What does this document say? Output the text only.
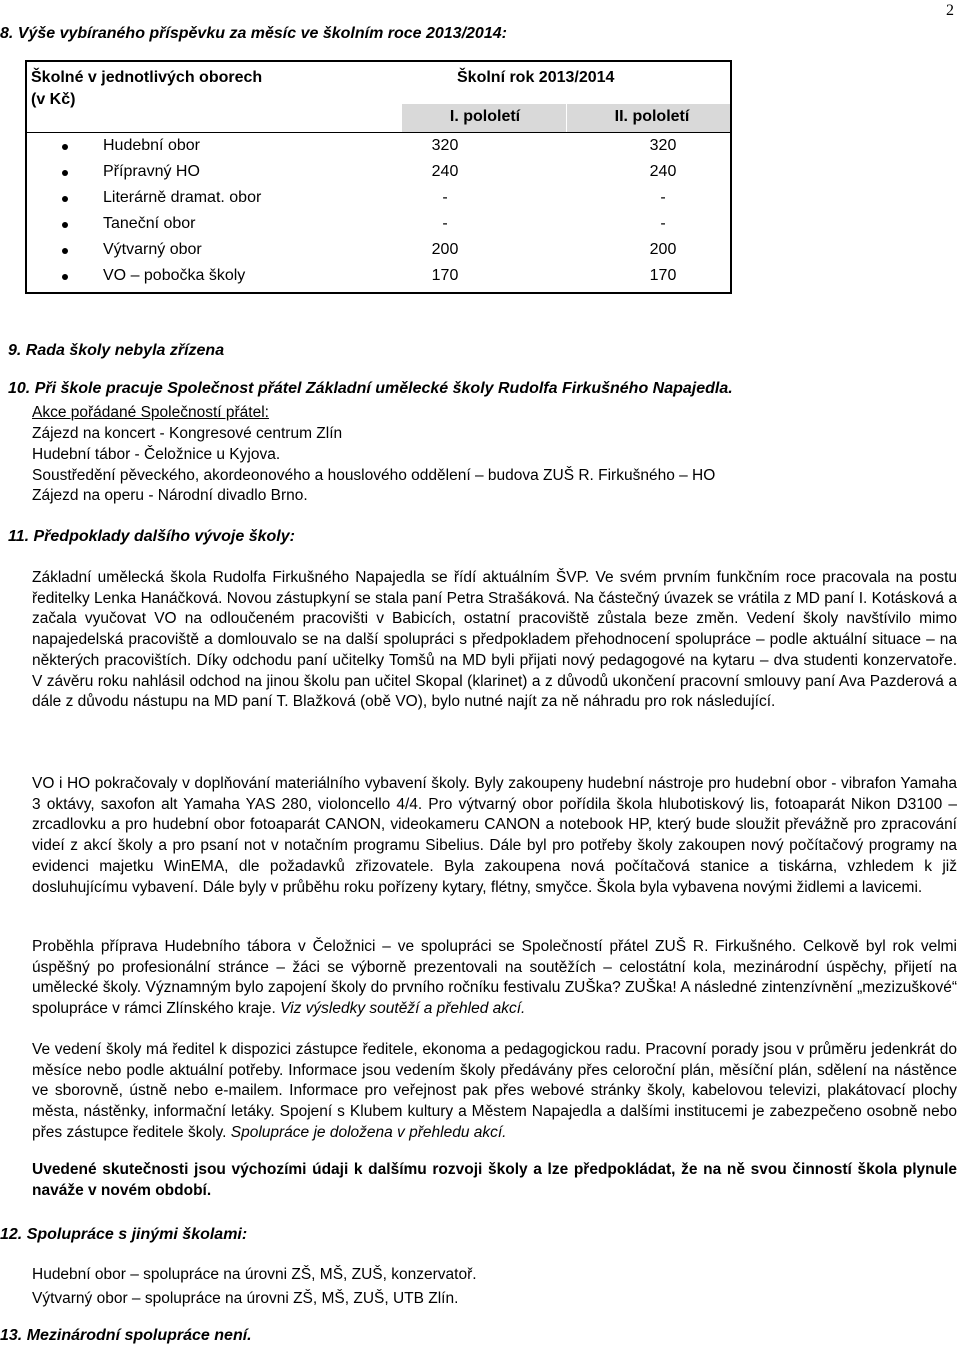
2
8. Výše vybíraného příspěvku za měsíc ve školním roce 2013/2014:
Školné v jednotlivých oborech
(v Kč)
Školní rok 2013/2014
I. pololetí	II. pololetí
Hudební obor	320	320
Přípravný HO	240	240
Literárně dramat. obor	-	-
Taneční obor	-	-
Výtvarný obor	200	200
VO – pobočka školy	170	170
9. Rada školy nebyla zřízena
10. Při škole pracuje Společnost přátel Základní umělecké školy Rudolfa Firkušného Napajedla.
Akce pořádané Společností přátel:
Zájezd na koncert - Kongresové centrum Zlín
Hudební tábor - Čeložnice u Kyjova.
Soustředění pěveckého, akordeonového a houslového oddělení – budova ZUŠ R. Firkušného – HO
Zájezd na operu - Národní divadlo Brno.
11. Předpoklady dalšího vývoje školy:
Základní umělecká škola Rudolfa Firkušného Napajedla se řídí aktuálním ŠVP. Ve svém prvním funkčním roce pracovala na postu ředitelky Lenka Hanáčková. Novou zástupkyní se stala paní Petra Strašáková. Na částečný úvazek se vrátila z MD paní I. Kotásková a začala vyučovat VO na odloučeném pracovišti v Babicích, ostatní pracoviště zůstala beze změn. Vedení školy navštívilo mimo napajedelská pracoviště a domlouvalo se na další spolupráci s předpokladem přehodnocení spolupráce – podle aktuální situace – na některých pracovištích. Díky odchodu paní učitelky Tomšů na MD byli přijati nový pedagogové na kytaru – dva studenti konzervatoře. V závěru roku nahlásil odchod na jinou školu pan učitel Skopal (klarinet) a z důvodů ukončení pracovní smlouvy paní Ava Pazderová a dále z důvodu nástupu na MD paní T. Blažková (obě VO), bylo nutné najít za ně náhradu pro rok následující.
VO i HO pokračovaly v doplňování materiálního vybavení školy. Byly zakoupeny hudební nástroje pro hudební obor - vibrafon Yamaha 3 oktávy, saxofon alt Yamaha YAS 280, violoncello 4/4. Pro výtvarný obor pořídila škola hlubotiskový lis, fotoaparát Nikon D3100 – zrcadlovku a pro hudební obor fotoaparát CANON, videokameru CANON a notebook HP, který bude sloužit převážně pro zpracování videí z akcí školy a pro psaní not v notačním programu Sibelius. Dále byl pro potřeby školy zakoupen nový počítačový programy na evidenci majetku WinEMA, dle požadavků zřizovatele. Byla zakoupena nová počítačová stanice a tiskárna, vzhledem k již dosluhujícímu vybavení. Dále byly v průběhu roku pořízeny kytary, flétny, smyčce. Škola byla vybavena novými židlemi a lavicemi.
Proběhla příprava Hudebního tábora v Čeložnici – ve spolupráci se Společností přátel ZUŠ R. Firkušného. Celkově byl rok velmi úspěšný po profesionální stránce – žáci se výborně prezentovali na soutěžích – celostátní kola, mezinárodní úspěchy, přijetí na umělecké školy. Významným bylo zapojení školy do prvního ročníku festivalu ZUŠka? ZUŠka! A následné zintenzívnění „mezizuškové“ spolupráce v rámci Zlínského kraje. Viz výsledky soutěží a přehled akcí.
Ve vedení školy má ředitel k dispozici zástupce ředitele, ekonoma a pedagogickou radu. Pracovní porady jsou v průměru jedenkrát do měsíce nebo podle aktuální potřeby. Informace jsou vedením školy předávány přes celoroční plán, měsíční plán, sdělení na nástěnce ve sborovně, ústně nebo e-mailem. Informace pro veřejnost pak přes webové stránky školy, kabelovou televizi, plakátovací plochy města, nástěnky, informační letáky. Spojení s Klubem kultury a Městem Napajedla a dalšími institucemi je zabezpečeno osobně nebo přes zástupce ředitele školy. Spolupráce je doložena v přehledu akcí.
Uvedené skutečnosti jsou výchozími údaji k dalšímu rozvoji školy a lze předpokládat, že na ně svou činností škola plynule naváže v novém období.
12. Spolupráce s jinými školami:
Hudební obor – spolupráce na úrovni ZŠ, MŠ, ZUŠ, konzervatoř.
Výtvarný obor – spolupráce na úrovni ZŠ, MŠ, ZUŠ, UTB Zlín.
13. Mezinárodní spolupráce není.
